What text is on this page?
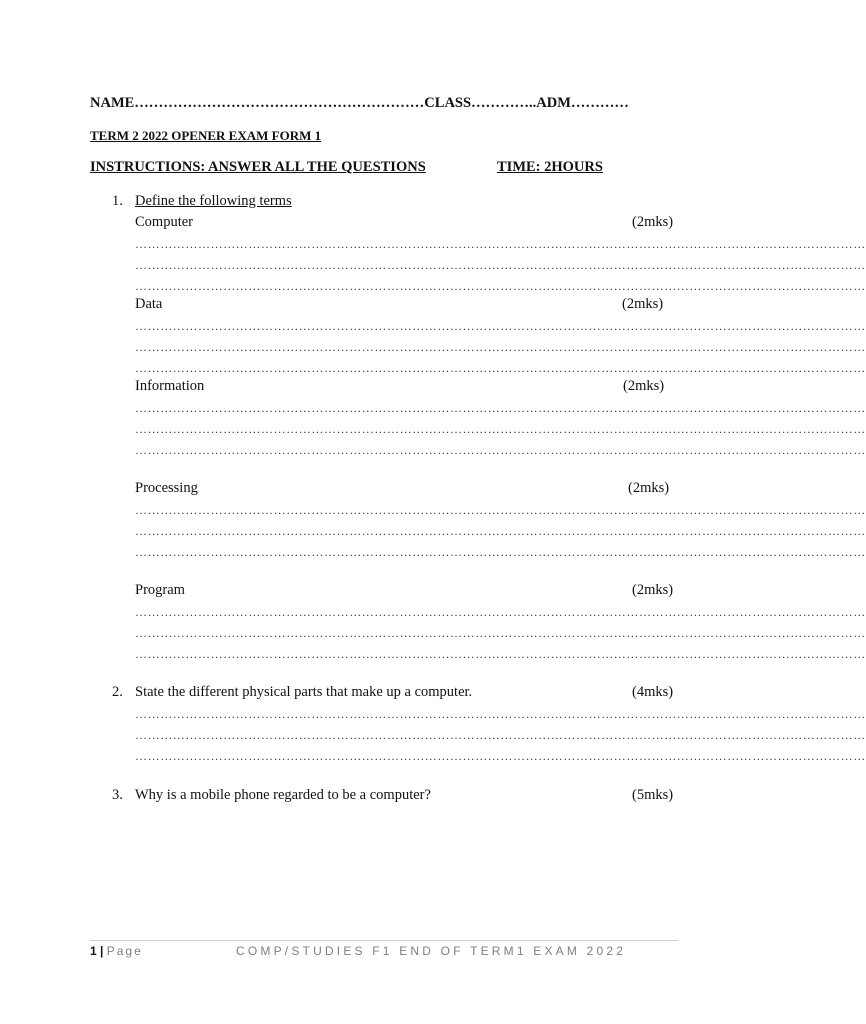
NAME……………………………………………………CLASS…………..ADM…………
TERM 2 2022 OPENER EXAM FORM 1
INSTRUCTIONS: ANSWER ALL THE QUESTIONS	TIME: 2HOURS
1. Define the following terms
Computer	(2mks)
…………………………………………………………………………………………………………………………………………………………
…………………………………………………………………………………………………………………………………………………………
…………………………………………………………………………………………………………………………………………………………
Data	(2mks)
…………………………………………………………………………………………………………………………………………………………
…………………………………………………………………………………………………………………………………………………………
…………………………………………………………………………………………………………………………………………………………
Information	(2mks)
…………………………………………………………………………………………………………………………………………………………
…………………………………………………………………………………………………………………………………………………………
…………………………………………………………………………………………………………………………………………………………
Processing	(2mks)
…………………………………………………………………………………………………………………………………………………………
…………………………………………………………………………………………………………………………………………………………
…………………………………………………………………………………………………………………………………………………………
Program	(2mks)
…………………………………………………………………………………………………………………………………………………………
…………………………………………………………………………………………………………………………………………………………
…………………………………………………………………………………………………………………………………………………………
2. State the different physical parts that make up a computer.	(4mks)
…………………………………………………………………………………………………………………………………………………………
…………………………………………………………………………………………………………………………………………………………
…………………………………………………………………………………………………………………………………………………………
3. Why is a mobile phone regarded to be a computer?	(5mks)
1 | Page	COMP/STUDIES F1 END OF TERM1 EXAM 2022
